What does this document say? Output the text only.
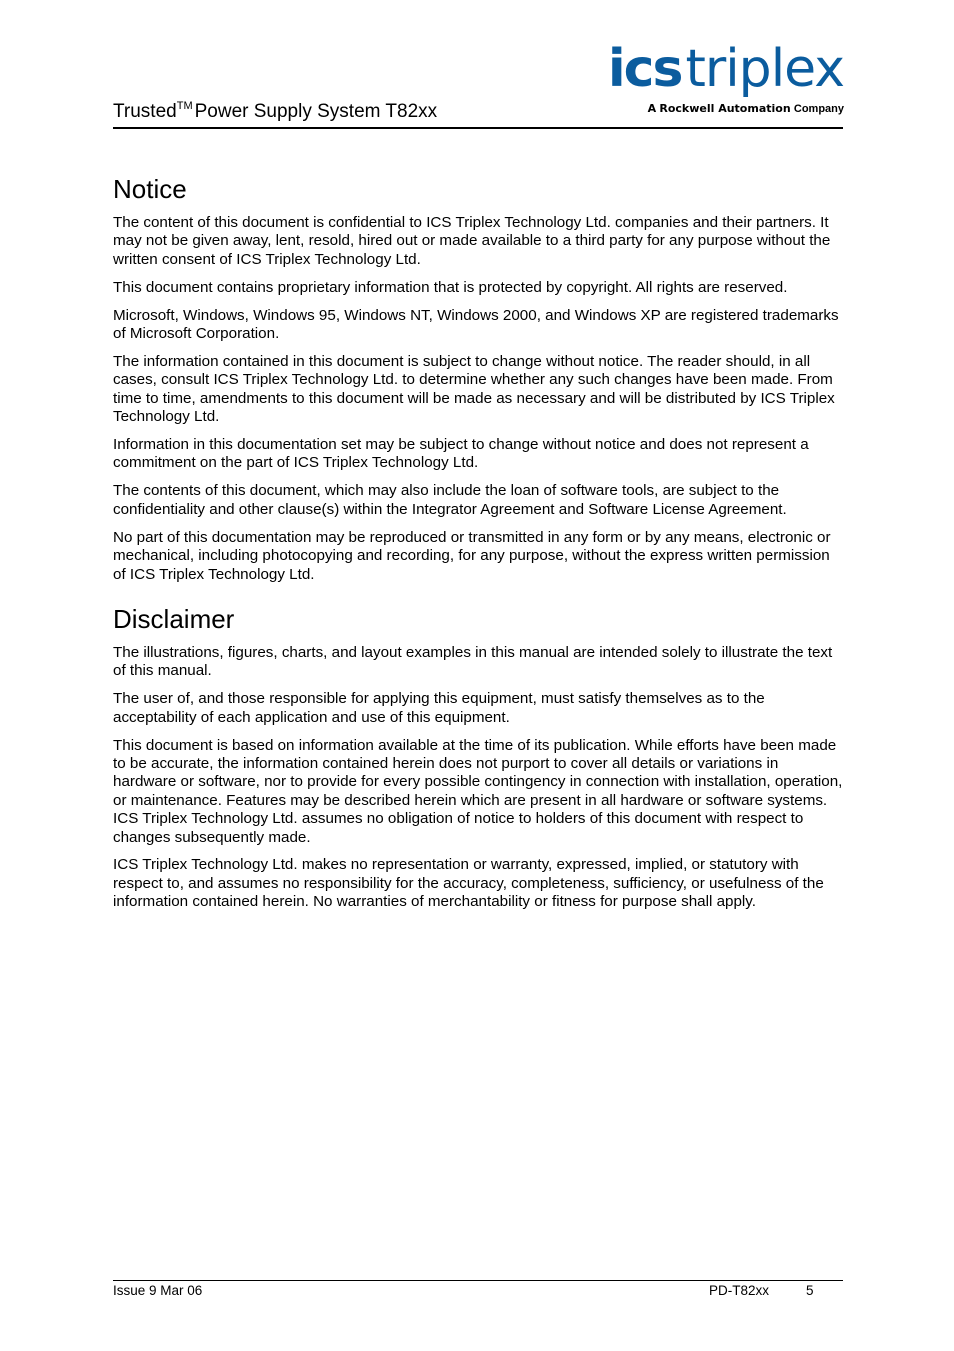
icstriplex
A Rockwell Automation Company
Trusted™ Power Supply System T82xx
Notice

The content of this document is confidential to ICS Triplex Technology Ltd. companies and their partners. It may not be given away, lent, resold, hired out or made available to a third party for any purpose without the written consent of ICS Triplex Technology Ltd.

This document contains proprietary information that is protected by copyright. All rights are reserved.

Microsoft, Windows, Windows 95, Windows NT, Windows 2000, and Windows XP are registered trademarks of Microsoft Corporation.

The information contained in this document is subject to change without notice. The reader should, in all cases, consult ICS Triplex Technology Ltd. to determine whether any such changes have been made. From time to time, amendments to this document will be made as necessary and will be distributed by ICS Triplex Technology Ltd.

Information in this documentation set may be subject to change without notice and does not represent a commitment on the part of ICS Triplex Technology Ltd.

The contents of this document, which may also include the loan of software tools, are subject to the confidentiality and other clause(s) within the Integrator Agreement and Software License Agreement.

No part of this documentation may be reproduced or transmitted in any form or by any means, electronic or mechanical, including photocopying and recording, for any purpose, without the express written permission of ICS Triplex Technology Ltd.

Disclaimer

The illustrations, figures, charts, and layout examples in this manual are intended solely to illustrate the text of this manual.

The user of, and those responsible for applying this equipment, must satisfy themselves as to the acceptability of each application and use of this equipment.

This document is based on information available at the time of its publication. While efforts have been made to be accurate, the information contained herein does not purport to cover all details or variations in hardware or software, nor to provide for every possible contingency in connection with installation, operation, or maintenance. Features may be described herein which are present in all hardware or software systems. ICS Triplex Technology Ltd. assumes no obligation of notice to holders of this document with respect to changes subsequently made.

ICS Triplex Technology Ltd. makes no representation or warranty, expressed, implied, or statutory with respect to, and assumes no responsibility for the accuracy, completeness, sufficiency, or usefulness of the information contained herein. No warranties of merchantability or fitness for purpose shall apply.

Issue 9 Mar 06	PD-T82xx	5
